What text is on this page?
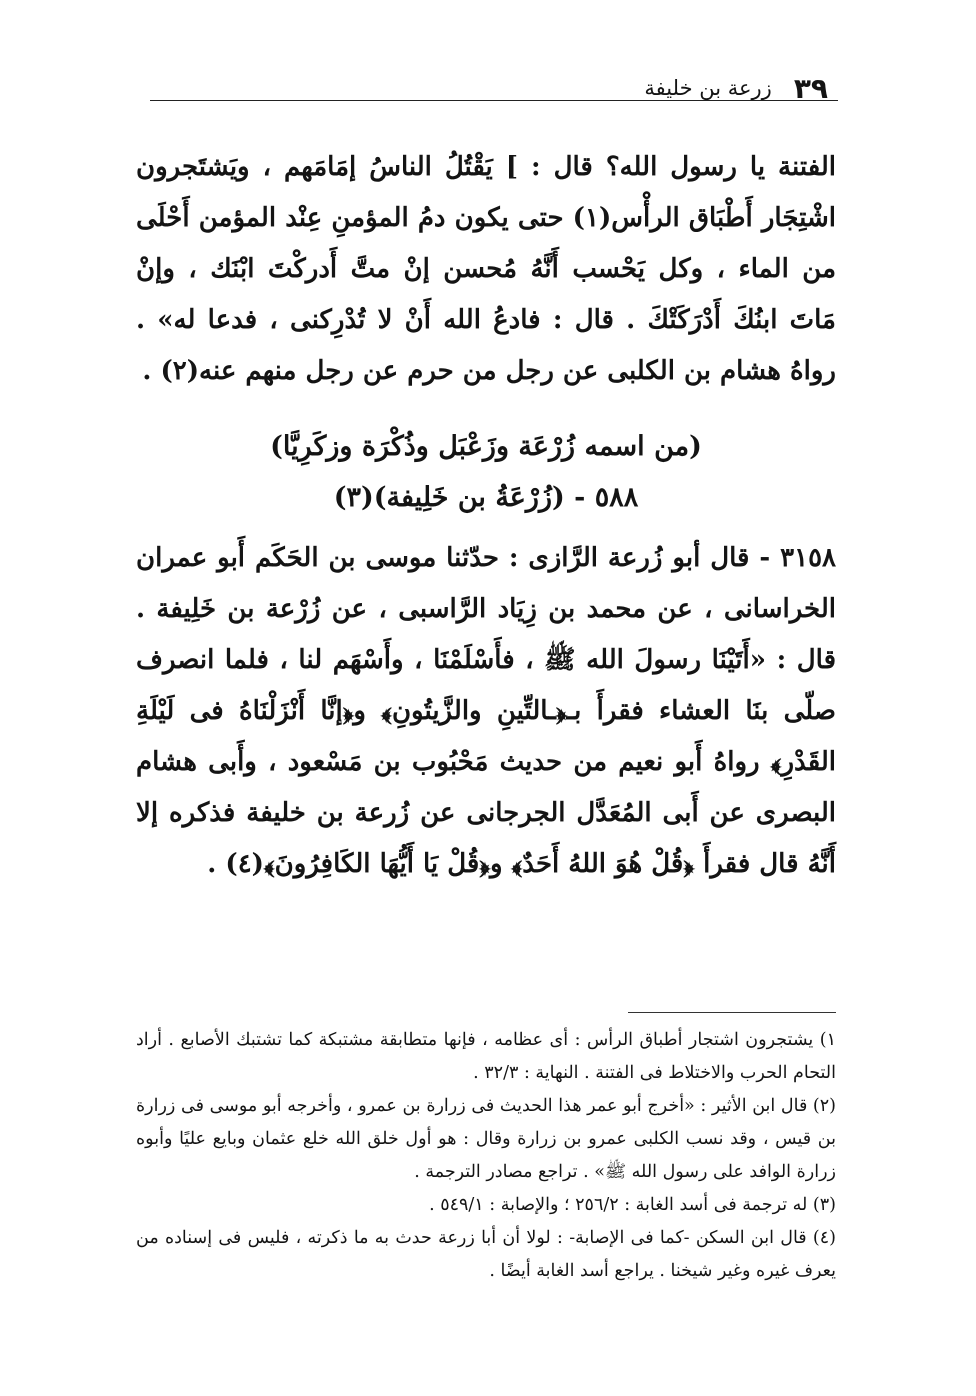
٣٩
زرعة بن خليفة

الفتنة يا رسول الله؟ قال : ] يَقْتُلُ الناسُ إمَامَهم ، ويَشتَجرون اشْتِجَار أَطْبَاق الرأْس(١) حتى يكون دمُ المؤمنِ عِنْد المؤمن أَحْلَى من الماء ، وكل يَحْسب أَنَّهُ مُحسن إنْ متَّ أَدركْتَ ابْنَك ، وإنْ مَاتَ ابنُكَ أَدْرَكَتْكَ . قال : فادعُ الله أَنْ لا تُدْرِكنى ، فدعا له» . رواهُ هشام بن الكلبى عن رجل من حرم عن رجل منهم عنه(٢) .

(من اسمه زُرْعَة وزَعْبَل وذُكْرَة وزكَرِيَّا)

٥٨٨ - (زُرْعَةُ بن خَلِيفة)(٣)

٣١٥٨ - قال أبو زُرعة الرَّازى : حدّثنا موسى بن الحَكَم أَبو عمران الخراسانى ، عن محمد بن زِيَاد الرَّاسبى ، عن زُرْعة بن خَلِيفة . قال : «أَتَيْنَا رسولَ الله ﷺ ، فأَسْلَمْنَا ، وأَسْهَم لنا ، فلما انصرف صلّى بنَا العشاء فقرأَ بـ﴿ـالتِّينِ والزَّيتُونِ﴾ و﴿إنَّا أَنْزَلْنَاهُ فى لَيْلَةِ القَدْرِ﴾ رواهُ أَبو نعيم من حديث مَحْبُوب بن مَسْعود ، وأَبى هشام البصرى عن أَبى المُعَدَّل الجرجانى عن زُرعة بن خليفة فذكره إلا أَنَّهُ قال فقرأَ ﴿قُلْ هُوَ اللهُ أَحَدٌ﴾ و﴿قُلْ يَا أَيُّهَا الكَافِرُونَ﴾(٤) .

١) يشتجرون اشتجار أطباق الرأس : أى عظامه ، فإنها متطابقة مشتبكة كما تشتبك الأصابع . أراد التحام الحرب والاختلاط فى الفتنة . النهاية : ٣٢/٣ .

(٢) قال ابن الأثير : «أخرج أبو عمر هذا الحديث فى زرارة بن عمرو ، وأخرجه أبو موسى فى زرارة بن قيس ، وقد نسب الكلبى عمرو بن زرارة وقال : هو أول خلق الله خلع عثمان وبايع عليًا وأبوه زرارة الوافد على رسول الله ﷺ» . تراجع مصادر الترجمة .

(٣) له ترجمة فى أسد الغابة : ٢٥٦/٢ ؛ والإصابة : ٥٤٩/١ .

(٤) قال ابن السكن -كما فى الإصابة- : لولا أن أبا زرعة حدث به ما ذكرته ، فليس فى إسناده من يعرف غيره وغير شيخنا . يراجع أسد الغابة أيضًا .
